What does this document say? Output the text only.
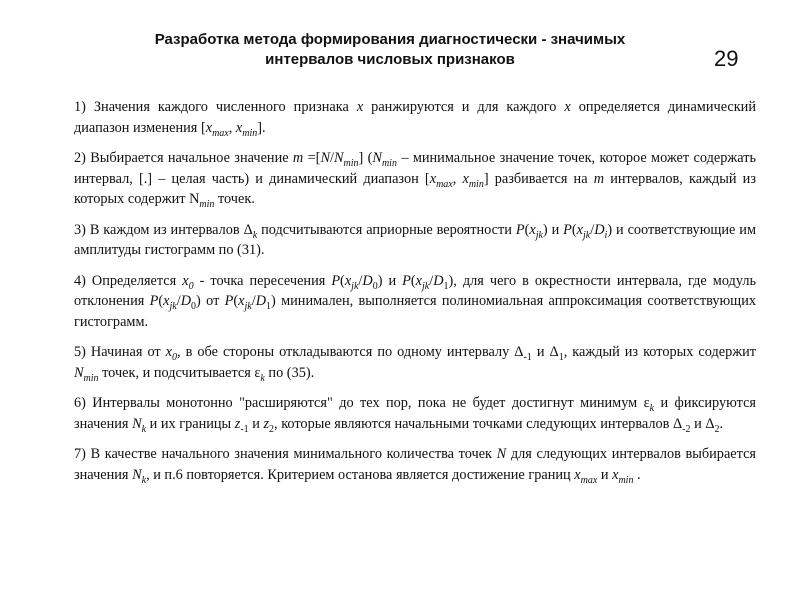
Разработка метода формирования диагностически - значимых
интервалов числовых признаков	29

1) Значения каждого численного признака x ранжируются и для каждого x определяется динамический диапазон изменения [$x_{max}$, $x_{min}$].

2) Выбирается начальное значение $m =[N/N_{min}]$ ($N_{min}$ – минимальное значение точек, которое может содержать интервал, [.] – целая часть) и динамический диапазон [$x_{max}$, $x_{min}$] разбивается на m интервалов, каждый из которых содержит $N_{min}$ точек.

3) В каждом из интервалов $\Delta_k$ подсчитываются априорные вероятности $P(x_{jk})$ и $P(x_{jk}/D_i)$ и соответствующие им амплитуды гистограмм по (31).

4) Определяется $x_0$ - точка пересечения $P(x_{jk}/D_0)$ и $P(x_{jk}/D_1)$, для чего в окрестности интервала, где модуль отклонения $P(x_{jk}/D_0)$ от $P(x_{jk}/D_1)$ минимален, выполняется полиномиальная аппроксимация соответствующих гистограмм.

5) Начиная от $x_0$, в обе стороны откладываются по одному интервалу $\Delta_{-1}$ и $\Delta_1$, каждый из которых содержит $N_{min}$ точек, и подсчитывается $\varepsilon_k$ по (35).

6) Интервалы монотонно "расширяются" до тех пор, пока не будет достигнут минимум $\varepsilon_k$ и фиксируются значения $N_k$ и их границы $z_{-1}$ и $z_2$, которые являются начальными точками следующих интервалов $\Delta_{-2}$ и $\Delta_2$.

7) В качестве начального значения минимального количества точек N для следующих интервалов выбирается значения $N_k$, и п.6 повторяется. Критерием останова является достижение границ $x_{max}$ и $x_{min}$ .
